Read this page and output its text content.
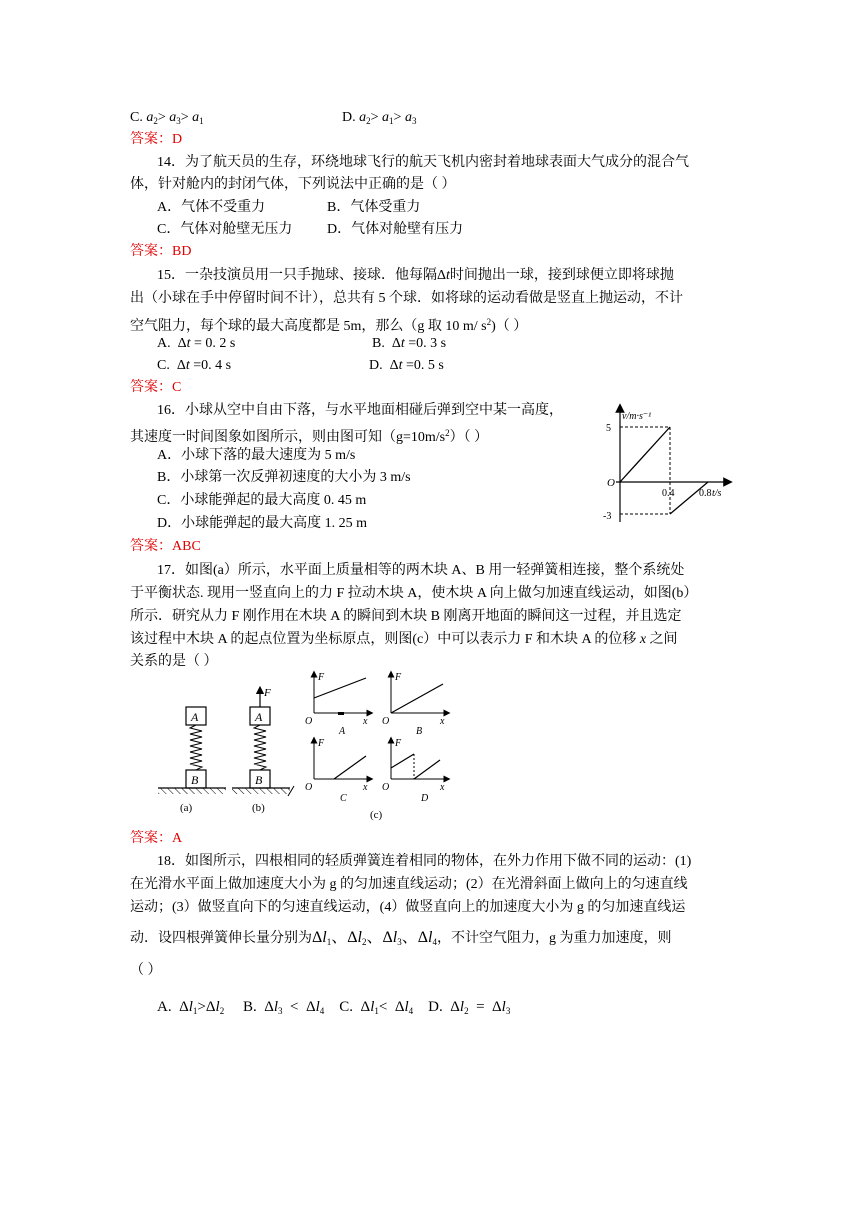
C. $a_2> a_3> a_1$	D. $a_2> a_1> a_3$
答案：D
14．为了航天员的生存，环绕地球飞行的航天飞机内密封着地球表面大气成分的混合气
体，针对舱内的封闭气体，下列说法中正确的是（ ）
A．气体不受重力	B．气体受重力
C．气体对舱壁无压力 D．气体对舱壁有压力
答案：BD
15．一杂技演员用一只手抛球、接球．他每隔Δt时间抛出一球，接到球便立即将球抛
出（小球在手中停留时间不计），总共有 5 个球．如将球的运动看做是竖直上抛运动，不计
空气阻力，每个球的最大高度都是 5m，那么（g 取 10 m/ $s^2$)（ ）
A.  Δt = 0. 2 s	B.  Δt =0. 3 s
C.  Δt =0. 4 s	D.  Δt =0. 5 s
答案：C
16．小球从空中自由下落，与水平地面相碰后弹到空中某一高度，
其速度一时间图象如图所示，则由图可知$(g=10m/s^2)$（ ）
A．小球下落的最大速度为 5 m/s
B．小球第一次反弹初速度的大小为 3 m/s
C．小球能弹起的最大高度 0. 45 m
D．小球能弹起的最大高度 1. 25 m
答案：ABC
v/m·s⁻¹
5
-3
O
0.4 0.8 t/s
17．如图(a）所示，水平面上质量相等的两木块 A、B 用一轻弹簧相连接，整个系统处
于平衡状态. 现用一竖直向上的力 F 拉动木块 A，使木块 A 向上做匀加速直线运动，如图(b）
所示．研究从力 F 刚作用在木块 A 的瞬间到木块 B 刚离开地面的瞬间这一过程，并且选定
该过程中木块 A 的起点位置为坐标原点，则图(c）中可以表示力 F 和木块 A 的位移 x 之间
关系的是（ ）
A
B
(a)
F
A
B
(b)
F
O	x
A
F
O	x
B
F
O	x
C
F
O	x
D
(c)
答案：A
18．如图所示，四根相同的轻质弹簧连着相同的物体，在外力作用下做不同的运动：(1)
在光滑水平面上做加速度大小为 g 的匀加速直线运动；(2）在光滑斜面上做向上的匀速直线
运动；(3）做竖直向下的匀速直线运动，(4）做竖直向上的加速度大小为 g 的匀加速直线运
动．设四根弹簧伸长量分别为$\Delta l_1$、$\Delta l_2$、$\Delta l_3$、$\Delta l_4$，不计空气阻力，g 为重力加速度，则
（ ）
A.  $\Delta l_1>\Delta l_2$     B.  $\Delta l_3 < \Delta l_4$    C.  $\Delta l_1< \Delta l_4$    D.  $\Delta l_2 = \Delta l_3$
